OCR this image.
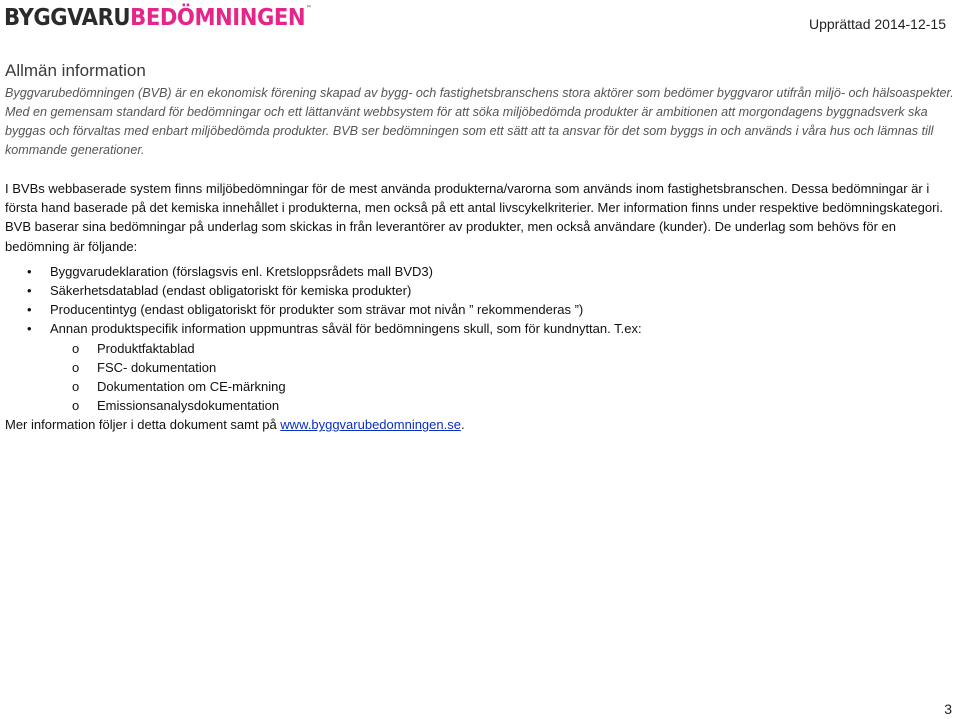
BYGGVARU BEDÖMNINGEN ™
Upprättad 2014-12-15
Allmän information

Byggvarubedömningen (BVB) är en ekonomisk förening skapad av bygg- och fastighetsbranschens stora aktörer som bedömer byggvaror utifrån miljö- och hälsoaspekter. Med en gemensam standard för bedömningar och ett lättanvänt webbsystem för att söka miljöbedömda produkter är ambitionen att morgondagens byggnadsverk ska byggas och förvaltas med enbart miljöbedömda produkter. BVB ser bedömningen som ett sätt att ta ansvar för det som byggs in och används i våra hus och lämnas till kommande generationer.

I BVBs webbaserade system finns miljöbedömningar för de mest använda produkterna/varorna som används inom fastighetsbranschen. Dessa bedömningar är i första hand baserade på det kemiska innehållet i produkterna, men också på ett antal livscykelkriterier. Mer information finns under respektive bedömningskategori.

BVB baserar sina bedömningar på underlag som skickas in från leverantörer av produkter, men också användare (kunder). De underlag som behövs för en bedömning är följande:

• Byggvarudeklaration (förslagsvis enl. Kretsloppsrådets mall BVD3)
• Säkerhetsdatablad (endast obligatoriskt för kemiska produkter)
• Producentintyg (endast obligatoriskt för produkter som strävar mot nivån ” rekommenderas ”)
• Annan produktspecifik information uppmuntras såväl för bedömningens skull, som för kundnyttan. T.ex:
o Produktfaktablad
o FSC- dokumentation
o Dokumentation om CE-märkning
o Emissionsanalysdokumentation

Mer information följer i detta dokument samt på www.byggvarubedomningen.se.

3
